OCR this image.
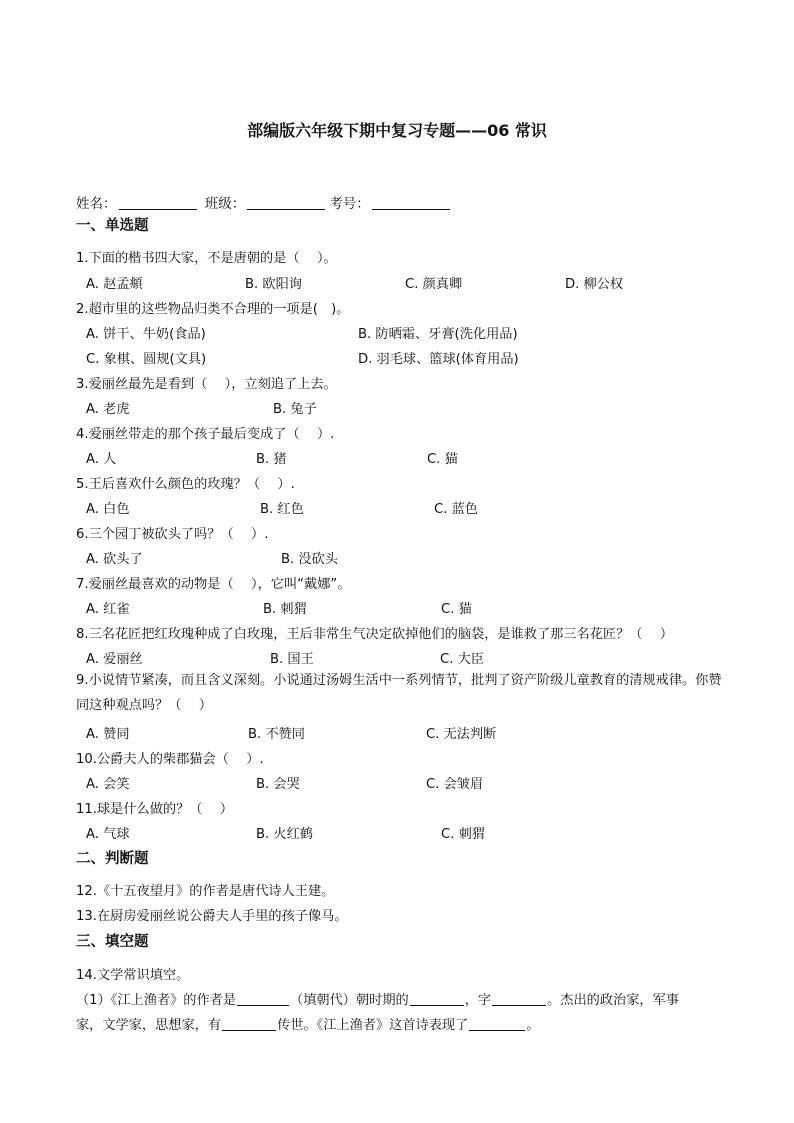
部编版六年级下期中复习专题——06 常识
姓名：	班级：	考号：
一、单选题
1.下面的楷书四大家，不是唐朝的是（　 ）。
A. 赵孟頫	B. 欧阳询	C. 颜真卿	D. 柳公权
2.超市里的这些物品归类不合理的一项是(　)。
A. 饼干、牛奶(食品)	B. 防晒霜、牙膏(洗化用品)
C. 象棋、圆规(文具)	D. 羽毛球、篮球(体育用品)
3.爱丽丝最先是看到（　 ），立刻追了上去。
A. 老虎	B. 兔子
4.爱丽丝带走的那个孩子最后变成了（　 ）.
A. 人	B. 猪	C. 猫
5.王后喜欢什么颜色的玫瑰？（　 ）.
A. 白色	B. 红色	C. 蓝色
6.三个园丁被砍头了吗？（　 ）.
A. 砍头了	B. 没砍头
7.爱丽丝最喜欢的动物是（　 ），它叫“戴娜”。
A. 红雀	B. 刺猬	C. 猫
8.三名花匠把红玫瑰种成了白玫瑰，王后非常生气决定砍掉他们的脑袋，是谁救了那三名花匠？（　 ）
A. 爱丽丝	B. 国王	C. 大臣
9.小说情节紧凑，而且含义深刻。小说通过汤姆生活中一系列情节，批判了资产阶级儿童教育的清规戒律。你赞同这种观点吗？（　 ）
A. 赞同	B. 不赞同	C. 无法判断
10.公爵夫人的柴郡猫会（　 ）.
A. 会笑	B. 会哭	C. 会皱眉
11.球是什么做的？（　 ）
A. 气球	B. 火红鹤	C. 刺猬
二、判断题
12.《十五夜望月》的作者是唐代诗人王建。
13.在厨房爱丽丝说公爵夫人手里的孩子像马。
三、填空题
14.文学常识填空。
（1）《江上渔者》的作者是	（填朝代）朝时期的	，字	。杰出的政治家，军事
家，文学家，思想家，有	传世。《江上渔者》这首诗表现了	。
